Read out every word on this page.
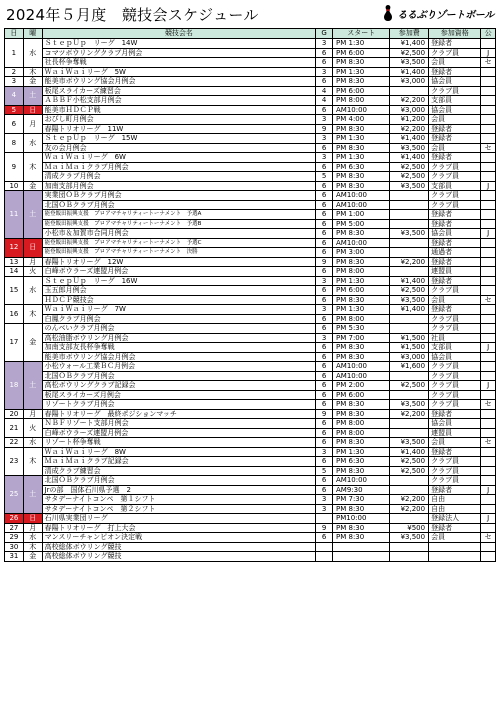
2024年５月度　競技会スケジュール	るるぶりゾートボール
日	曜	競技会名	G	スタート	参加費	参加資格	公
1	水	ＳｔｅｐＵｐ　リーグ　14W	3	PM 1:30	¥1,400	登録者	
		コマツボウリングクラブ月例会	6	PM 6:00	¥2,500	クラブ員	J
		社長杯争奪戦	6	PM 8:30	¥3,500	会員	セ
2	木	ＷａｉＷａｉリーグ　5W	3	PM 1:30	¥1,400	登録者	
3	金	能美市ボウリング協会月例会	6	PM 8:30	¥3,000	協会員	
4	土	板尾スライカーズ練習会	4	PM 6:00		クラブ員	
		ＡＢＢＦ小松支部月例会	4	PM 8:00	¥2,200	支部員	
5	日	能美市ＨＤＣＰ戦	6	AM10:00	¥3,000	協会員	
6	月	おびし町月例会	3	PM 4:00	¥1,200	会員	
		春陽トリオリーグ　11W	9	PM 8:30	¥2,200	登録者	
8	水	ＳｔｅｐＵｐ　リーグ　15W	3	PM 1:30	¥1,400	登録者	
		友の会月例会	6	PM 8:30	¥3,500	会員	セ
9	木	ＷａｉＷａｉリーグ　6W	3	PM 1:30	¥1,400	登録者	
		ＭａｉＭａｉクラブ月例会	6	PM 6:30	¥2,500	クラブ員	
		清成クラブ月例会	5	PM 8:30	¥2,500	クラブ員	
10	金	加南支部月例会	6	PM 8:30	¥3,500	支部員	J
11	土	実業団ＯＢクラブ月例会	6	AM10:00		クラブ員	
		北国ＯＢクラブ月例会	6	AM10:00		クラブ員	
		能登飯田振興支援　プロアマチャリティートーナメント　予選A	6	PM 1:00		登録者	
		能登飯田振興支援　プロアマチャリティートーナメント　予選B	6	PM 5:00		登録者	
		小松市＆加賀市合同月例会	6	PM 8:30	¥3,500	協会員	J
12	日	能登飯田振興支援　プロアマチャリティートーナメント　予選C	6	AM10:00		登録者	
		能登飯田振興支援　プロアマチャリティートーナメント　決勝	6	PM 3:00		通過者	
13	月	春陽トリオリーグ　12W	9	PM 8:30	¥2,200	登録者	
14	火	白峰ボウラーズ連盟月例会	6	PM 8:00		連盟員	
15	水	ＳｔｅｐＵｐ　リーグ　16W	3	PM 1:30	¥1,400	登録者	
		玉五郎月例会	6	PM 6:00	¥2,500	クラブ員	
		ＨＤＣＰ競技会	6	PM 8:30	¥3,500	会員	セ
16	木	ＷａｉＷａｉリーグ　7W	3	PM 1:30	¥1,400	登録者	
		白鳳クラブ月例会	6	PM 8:00		クラブ員	
17	金	のんべいクラブ月例会	6	PM 5:30		クラブ員	
		高松油脂ボウリング月例会	3	PM 7:00	¥1,500	社員	
		加南支部友長杯争奪戦	6	PM 8:30	¥1,500	支部員	J
		能美市ボウリング協会月例会	6	PM 8:30	¥3,000	協会員	
18	土	小松ウォール工業ＢＣ月例会	6	AM10:00	¥1,600	クラブ員	
		北国ＯＢクラブ月例会	6	AM10:00		クラブ員	
		高松ボウリングクラブ記録会	6	PM 2:00	¥2,500	クラブ員	J
		板尾スライカーズ月例会	6	PM 6:00		クラブ員	
		リゾートクラブ月例会	6	PM 8:30	¥3,500	クラブ員	セ
20	月	春陽トリオリーグ　最終ポジションマッチ	9	PM 8:30	¥2,200	登録者	
21	火	ＮＢＦリゾート支部月例会	6	PM 8:00		協会員	
		白峰ボウラーズ連盟月例会	6	PM 8:00		連盟員	
22	水	リゾート杯争奪戦	6	PM 8:30	¥3,500	会員	セ
23	木	ＷａｉＷａｉリーグ　8W	3	PM 1:30	¥1,400	登録者	
		ＭａｉＭａｉクラブ記録会	6	PM 6:30	¥2,500	クラブ員	
		清成クラブ練習会	5	PM 8:30	¥2,500	クラブ員	
25	土	北国ＯＢクラブ月例会	6	AM10:00		クラブ員	
		Jrの部　国体石川県予選　2	6	AM9:30		登録者	J
		サタデーナイトコンペ　第１シフト	3	PM 7:30	¥2,200	自由	
		サタデーナイトコンペ　第２シフト	3	PM 8:30	¥2,200	自由	
26	日	石川県実業団リーグ		PM10:00		登録法人	J
27	月	春陽トリオリーグ　打上大会	9	PM 8:30	¥500	登録者	
29	水	マンスリーチャンピオン決定戦	6	PM 8:30	¥3,500	会員	セ
30	木	高校総体ボウリング競技					
31	金	高校総体ボウリング競技					
